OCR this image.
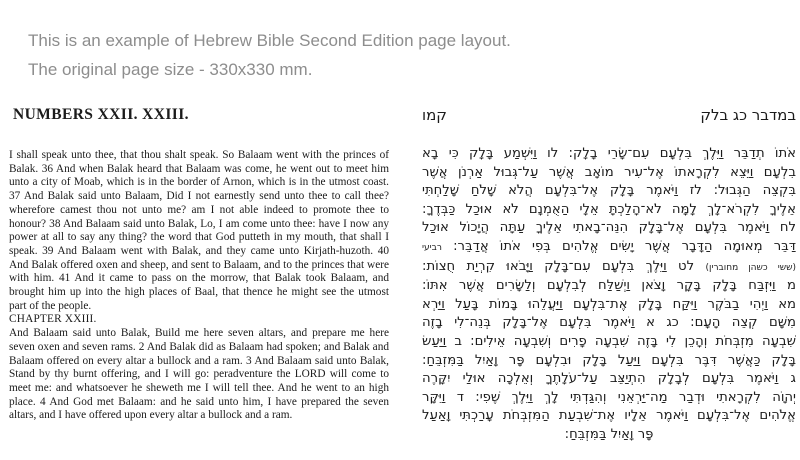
This is an example of Hebrew Bible Second Edition page layout.
The original page size - 330x330 mm.
NUMBERS XXII. XXIII.

I shall speak unto thee, that thou shalt speak. So Balaam went with the princes of Balak. 36 And when Balak heard that Balaam was come, he went out to meet him unto a city of Moab, which is in the border of Arnon, which is in the utmost coast. 37 And Balak said unto Balaam, Did I not earnestly send unto thee to call thee? wherefore camest thou not unto me? am I not able indeed to promote thee to honour? 38 And Balaam said unto Balak, Lo, I am come unto thee: have I now any power at all to say any thing? the word that God putteth in my mouth, that shall I speak. 39 And Balaam went with Balak, and they came unto Kirjath-huzoth. 40 And Balak offered oxen and sheep, and sent to Balaam, and to the princes that were with him. 41 And it came to pass on the morrow, that Balak took Balaam, and brought him up into the high places of Baal, that thence he might see the utmost part of the people.

CHAPTER XXIII.

And Balaam said unto Balak, Build me here seven altars, and prepare me here seven oxen and seven rams. 2 And Balak did as Balaam had spoken; and Balak and Balaam offered on every altar a bullock and a ram. 3 And Balaam said unto Balak, Stand by thy burnt offering, and I will go: peradventure the LORD will come to meet me: and whatsoever he sheweth me I will tell thee. And he went to an high place. 4 And God met Balaam: and he said unto him, I have prepared the seven altars, and I have offered upon every altar a bullock and a ram.

קמו	במדבר כג בלק
אֹתוֹ תְדַבֵּר וַיֵּלֶךְ בִּלְעָם עִם־שָׂרֵי בָלָק: לו וַיִּשְׁמַע בָּלָק כִּי בָא
בִלְעָם וַיֵּצֵא לִקְרָאתוֹ אֶל־עִיר מוֹאָב אֲשֶׁר עַל־גְּבוּל אַרְנֹן אֲשֶׁר
בִּקְצֵה הַגְּבוּל: לז וַיֹּאמֶר בָּלָק אֶל־בִּלְעָם הֲלֹא שָׁלֹחַ שָׁלַחְתִּי
אֵלֶיךָ לִקְרֹא־לָךְ לָמָּה לֹא־הָלַכְתָּ אֵלָי הַאֻמְנָם לֹא אוּכַל כַּבְּדֶךָ:
לח וַיֹּאמֶר בִּלְעָם אֶל־בָּלָק הִנֵּה־בָאתִי אֵלֶיךָ עַתָּה הֲיָכוֹל אוּכַל
דַּבֵּר מְאוּמָה הַדָּבָר אֲשֶׁר יָשִׂים אֱלֹהִים בְּפִי אֹתוֹ אֲדַבֵּר: רביעי
(ששי כשהן מחוברין) לט וַיֵּלֶךְ בִּלְעָם עִם־בָּלָק וַיָּבֹאוּ קִרְיַת חֻצוֹת:
מ וַיִּזְבַּח בָּלָק בָּקָר וָצֹאן וַיְשַׁלַּח לְבִלְעָם וְלַשָּׂרִים אֲשֶׁר אִתּוֹ:
מא וַיְהִי בַבֹּקֶר וַיִּקַּח בָּלָק אֶת־בִּלְעָם וַיַּעֲלֵהוּ בָּמוֹת בָּעַל וַיַּרְא
מִשָּׁם קְצֵה הָעָם: כג א וַיֹּאמֶר בִּלְעָם אֶל־בָּלָק בְּנֵה־לִי בָזֶה
שִׁבְעָה מִזְבְּחֹת וְהָכֵן לִי בָּזֶה שִׁבְעָה פָרִים וְשִׁבְעָה אֵילִים: ב וַיַּעַשׂ
בָּלָק כַּאֲשֶׁר דִּבֶּר בִּלְעָם וַיַּעַל בָּלָק וּבִלְעָם פָּר וָאַיִל בַּמִּזְבֵּחַ:
ג וַיֹּאמֶר בִּלְעָם לְבָלָק הִתְיַצֵּב עַל־עֹלָתֶךָ וְאֵלְכָה אוּלַי יִקָּרֶה
יְהוָֹה לִקְרָאתִי וּדְבַר מַה־יַּרְאֵנִי וְהִגַּדְתִּי לָךְ וַיֵּלֶךְ שֶׁפִי: ד וַיִּקָּר
אֱלֹהִים אֶל־בִּלְעָם וַיֹּאמֶר אֵלָיו אֶת־שִׁבְעַת הַמִּזְבְּחֹת עָרַכְתִּי וָאַעַל
פָּר וָאַיִל בַּמִּזְבֵּחַ:
